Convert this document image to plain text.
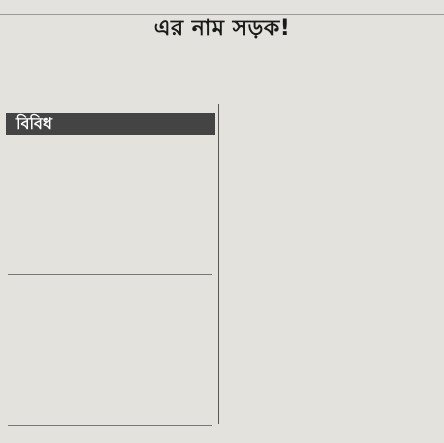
এর নাম সড়ক!
বিবিধ
